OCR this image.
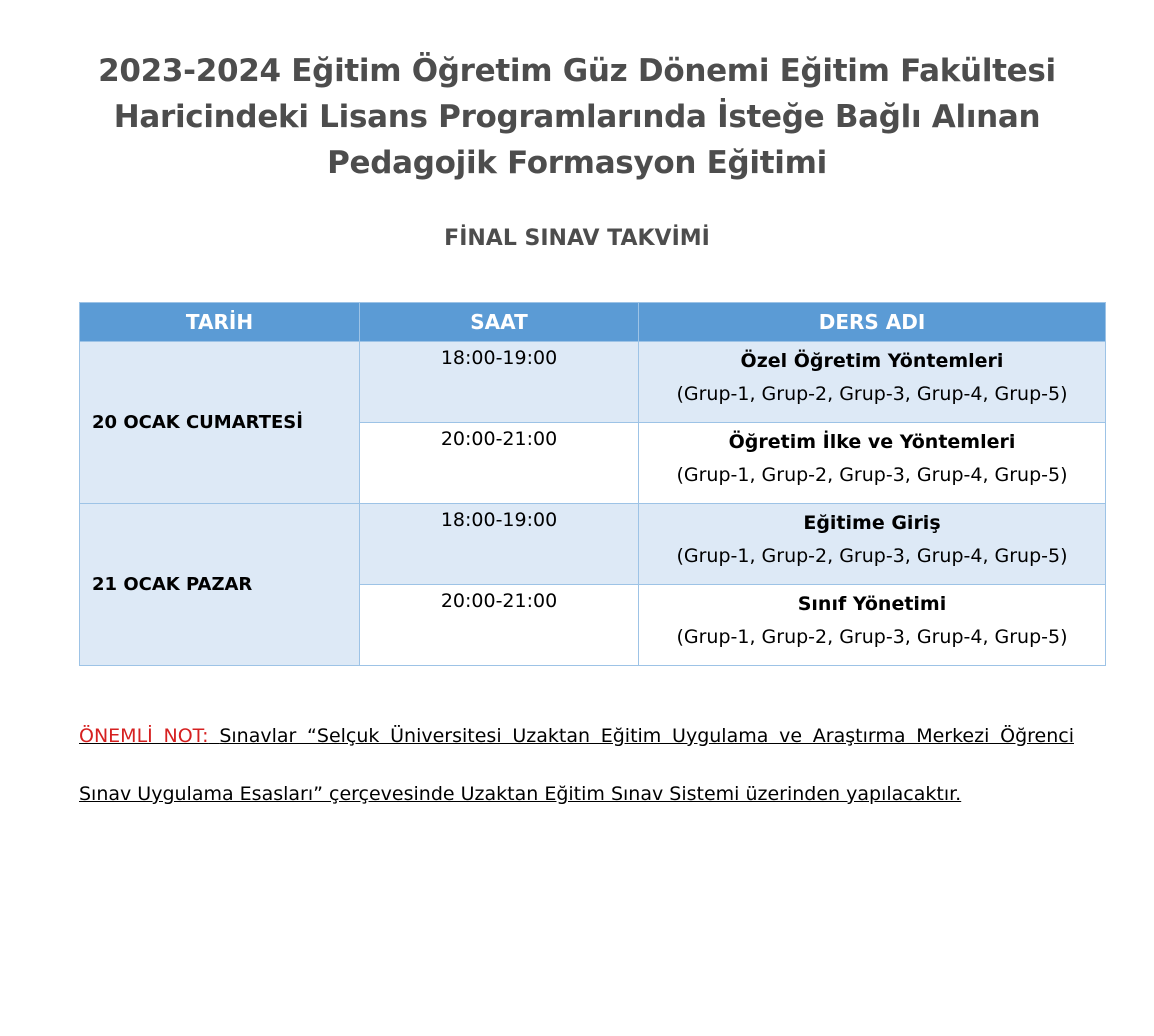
2023-2024 Eğitim Öğretim Güz Dönemi Eğitim Fakültesi
Haricindeki Lisans Programlarında İsteğe Bağlı Alınan
Pedagojik Formasyon Eğitimi
FİNAL SINAV TAKVİMİ
TARİH	SAAT	DERS ADI
20 OCAK CUMARTESİ	18:00-19:00	Özel Öğretim Yöntemleri
(Grup-1, Grup-2, Grup-3, Grup-4, Grup-5)

	20:00-21:00	Öğretim İlke ve Yöntemleri
(Grup-1, Grup-2, Grup-3, Grup-4, Grup-5)

21 OCAK PAZAR	18:00-19:00	Eğitime Giriş
(Grup-1, Grup-2, Grup-3, Grup-4, Grup-5)

	20:00-21:00	Sınıf Yönetimi
(Grup-1, Grup-2, Grup-3, Grup-4, Grup-5)

ÖNEMLİ NOT: Sınavlar “Selçuk Üniversitesi Uzaktan Eğitim Uygulama ve Araştırma Merkezi Öğrenci Sınav Uygulama Esasları” çerçevesinde Uzaktan Eğitim Sınav Sistemi üzerinden yapılacaktır.
